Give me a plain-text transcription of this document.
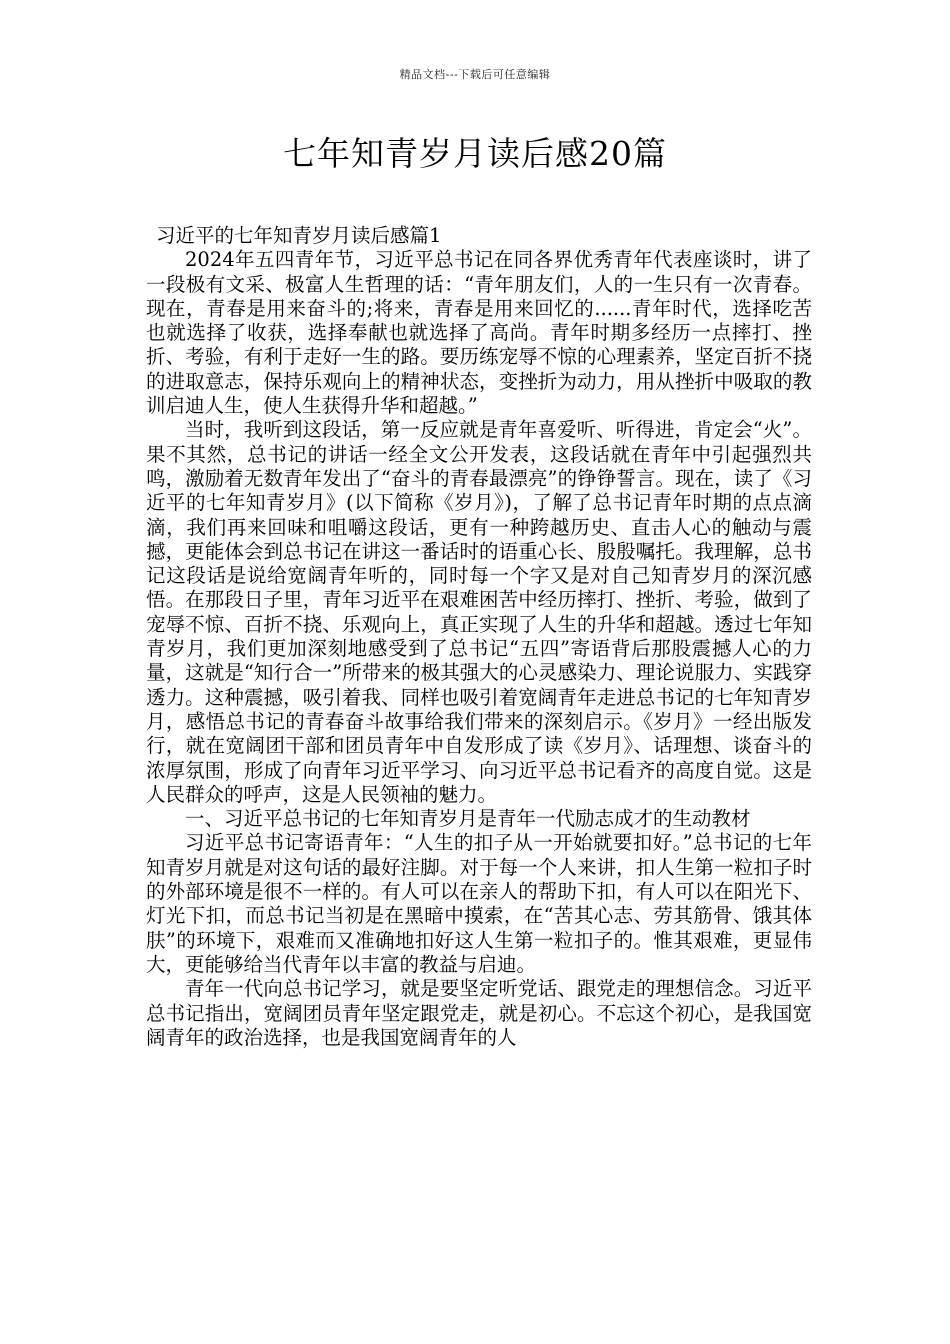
精品文档---下载后可任意编辑
七年知青岁月读后感20篇
习近平的七年知青岁月读后感篇1

2024年五四青年节，习近平总书记在同各界优秀青年代表座谈时，讲了一段极有文采、极富人生哲理的话：“青年朋友们，人的一生只有一次青春。现在，青春是用来奋斗的;将来，青春是用来回忆的......青年时代，选择吃苦也就选择了收获，选择奉献也就选择了高尚。青年时期多经历一点摔打、挫折、考验，有利于走好一生的路。要历练宠辱不惊的心理素养，坚定百折不挠的进取意志，保持乐观向上的精神状态，变挫折为动力，用从挫折中吸取的教训启迪人生，使人生获得升华和超越。”

当时，我听到这段话，第一反应就是青年喜爱听、听得进，肯定会“火”。果不其然，总书记的讲话一经全文公开发表，这段话就在青年中引起强烈共鸣，激励着无数青年发出了“奋斗的青春最漂亮”的铮铮誓言。现在，读了《习近平的七年知青岁月》(以下简称《岁月》)，了解了总书记青年时期的点点滴滴，我们再来回味和咀嚼这段话，更有一种跨越历史、直击人心的触动与震撼，更能体会到总书记在讲这一番话时的语重心长、殷殷嘱托。我理解，总书记这段话是说给宽阔青年听的，同时每一个字又是对自己知青岁月的深沉感悟。在那段日子里，青年习近平在艰难困苦中经历摔打、挫折、考验，做到了宠辱不惊、百折不挠、乐观向上，真正实现了人生的升华和超越。透过七年知青岁月，我们更加深刻地感受到了总书记“五四”寄语背后那股震撼人心的力量，这就是“知行合一”所带来的极其强大的心灵感染力、理论说服力、实践穿透力。这种震撼，吸引着我、同样也吸引着宽阔青年走进总书记的七年知青岁月，感悟总书记的青春奋斗故事给我们带来的深刻启示。《岁月》一经出版发行，就在宽阔团干部和团员青年中自发形成了读《岁月》、话理想、谈奋斗的浓厚氛围，形成了向青年习近平学习、向习近平总书记看齐的高度自觉。这是人民群众的呼声，这是人民领袖的魅力。

一、习近平总书记的七年知青岁月是青年一代励志成才的生动教材

习近平总书记寄语青年：“人生的扣子从一开始就要扣好。”总书记的七年知青岁月就是对这句话的最好注脚。对于每一个人来讲，扣人生第一粒扣子时的外部环境是很不一样的。有人可以在亲人的帮助下扣，有人可以在阳光下、灯光下扣，而总书记当初是在黑暗中摸索，在“苦其心志、劳其筋骨、饿其体肤”的环境下，艰难而又准确地扣好这人生第一粒扣子的。惟其艰难，更显伟大，更能够给当代青年以丰富的教益与启迪。

青年一代向总书记学习，就是要坚定听党话、跟党走的理想信念。习近平总书记指出，宽阔团员青年坚定跟党走，就是初心。不忘这个初心，是我国宽阔青年的政治选择，也是我国宽阔青年的人
